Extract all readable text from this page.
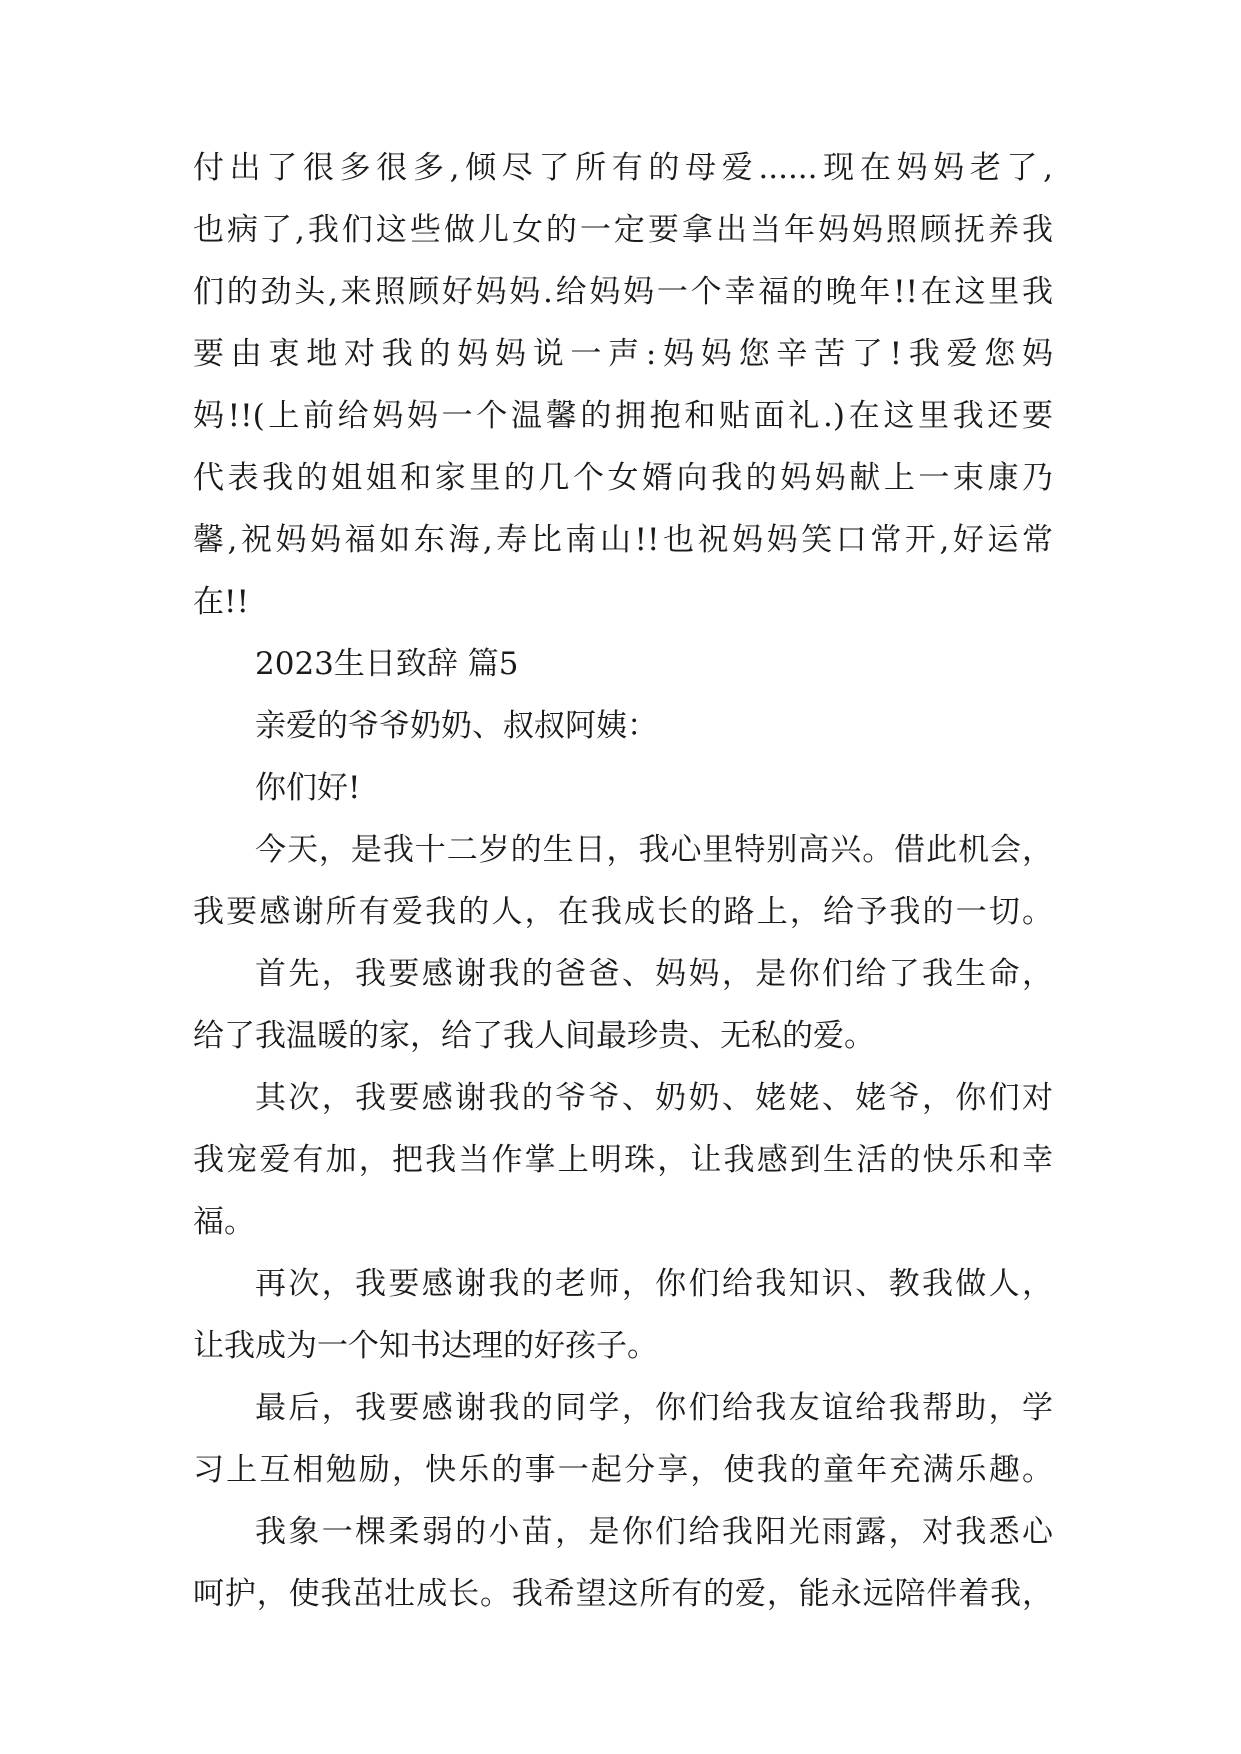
付出了很多很多,倾尽了所有的母爱......现在妈妈老了,
也病了,我们这些做儿女的一定要拿出当年妈妈照顾抚养我
们的劲头,来照顾好妈妈.给妈妈一个幸福的晚年!!在这里我
要由衷地对我的妈妈说一声:妈妈您辛苦了!我爱您妈
妈!!(上前给妈妈一个温馨的拥抱和贴面礼.)在这里我还要
代表我的姐姐和家里的几个女婿向我的妈妈献上一束康乃
馨,祝妈妈福如东海,寿比南山!!也祝妈妈笑口常开,好运常
在!!
2023生日致辞 篇5
亲爱的爷爷奶奶、叔叔阿姨：
你们好!
今天，是我十二岁的生日，我心里特别高兴。借此机会，
我要感谢所有爱我的人，在我成长的路上，给予我的一切。
首先，我要感谢我的爸爸、妈妈，是你们给了我生命，
给了我温暖的家，给了我人间最珍贵、无私的爱。
其次，我要感谢我的爷爷、奶奶、姥姥、姥爷，你们对
我宠爱有加，把我当作掌上明珠，让我感到生活的快乐和幸
福。
再次，我要感谢我的老师，你们给我知识、教我做人，
让我成为一个知书达理的好孩子。
最后，我要感谢我的同学，你们给我友谊给我帮助，学
习上互相勉励，快乐的事一起分享，使我的童年充满乐趣。
我象一棵柔弱的小苗，是你们给我阳光雨露，对我悉心
呵护，使我茁壮成长。我希望这所有的爱，能永远陪伴着我，
